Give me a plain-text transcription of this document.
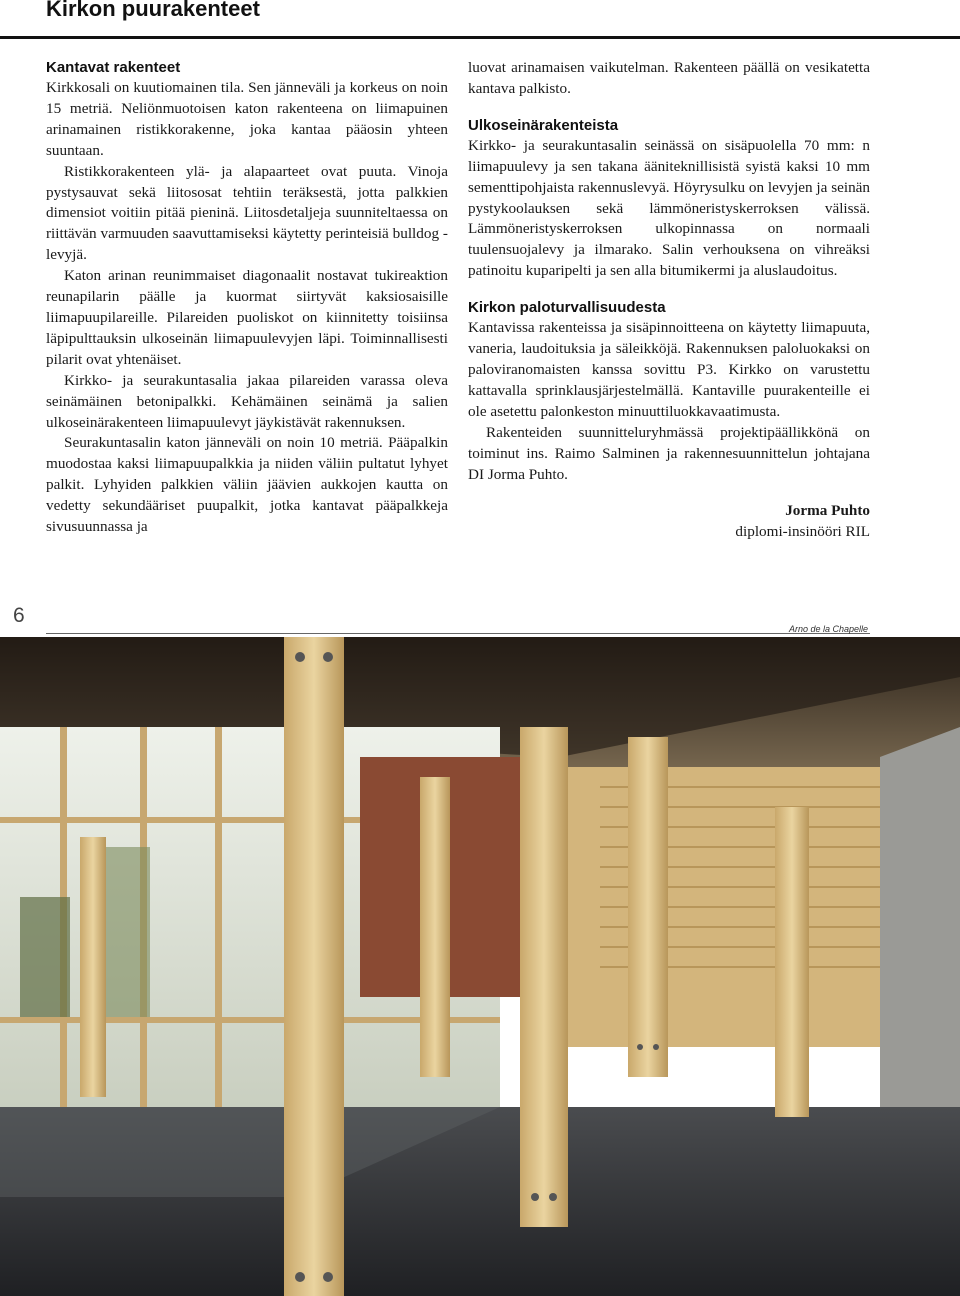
Kirkon puurakenteet
Kantavat rakenteet

Kirkkosali on kuutiomainen tila. Sen jänneväli ja korkeus on noin 15 metriä. Neliönmuotoisen katon rakenteena on liimapuinen arinamainen ristikkorakenne, joka kantaa pääosin yhteen suuntaan.

Ristikkorakenteen ylä- ja alapaarteet ovat puuta. Vinoja pystysauvat sekä liitososat tehtiin teräksestä, jotta palkkien dimensiot voitiin pitää pieninä. Liitosdetaljeja suunniteltaessa on riittävän varmuuden saavuttamiseksi käytetty perinteisiä bulldog -levyjä.

Katon arinan reunimmaiset diagonaalit nostavat tukireaktion reunapilarin päälle ja kuormat siirtyvät kaksiosaisille liimapuupilareille. Pilareiden puoliskot on kiinnitetty toisiinsa läpipulttauksin ulkoseinän liimapuulevyjen läpi. Toiminnallisesti pilarit ovat yhtenäiset.

Kirkko- ja seurakuntasalia jakaa pilareiden varassa oleva seinämäinen betonipalkki. Kehämäinen seinämä ja salien ulkoseinärakenteen liimapuulevyt jäykistävät rakennuksen.

Seurakuntasalin katon jänneväli on noin 10 metriä. Pääpalkin muodostaa kaksi liimapuupalkkia ja niiden väliin pultatut lyhyet palkit. Lyhyiden palkkien väliin jäävien aukkojen kautta on vedetty sekundääriset puupalkit, jotka kantavat pääpalkkeja sivusuunnassa ja

luovat arinamaisen vaikutelman. Rakenteen päällä on vesikatetta kantava palkisto.

Ulkoseinärakenteista

Kirkko- ja seurakuntasalin seinässä on sisäpuolella 70 mm: n liimapuulevy ja sen takana ääniteknillisistä syistä kaksi 10 mm sementtipohjaista rakennuslevyä. Höyrysulku on levyjen ja seinän pystykoolauksen sekä lämmöneristyskerroksen välissä. Lämmöneristyskerroksen ulkopinnassa on normaali tuulensuojalevy ja ilmarako. Salin verhouksena on vihreäksi patinoitu kuparipelti ja sen alla bitumikermi ja aluslaudoitus.

Kirkon paloturvallisuudesta

Kantavissa rakenteissa ja sisäpinnoitteena on käytetty liimapuuta, vaneria, laudoituksia ja säleikköjä. Rakennuksen paloluokaksi on paloviranomaisten kanssa sovittu P3. Kirkko on varustettu kattavalla sprinklausjärjestelmällä. Kantaville puurakenteille ei ole asetettu palonkeston minuuttiluokkavaatimusta.

Rakenteiden suunnitteluryhmässä projektipäällikkönä on toiminut ins. Raimo Salminen ja rakennesuunnittelun johtajana DI Jorma Puhto.

Jorma Puhto
diplomi-insinööri RIL
6
Arno de la Chapelle
